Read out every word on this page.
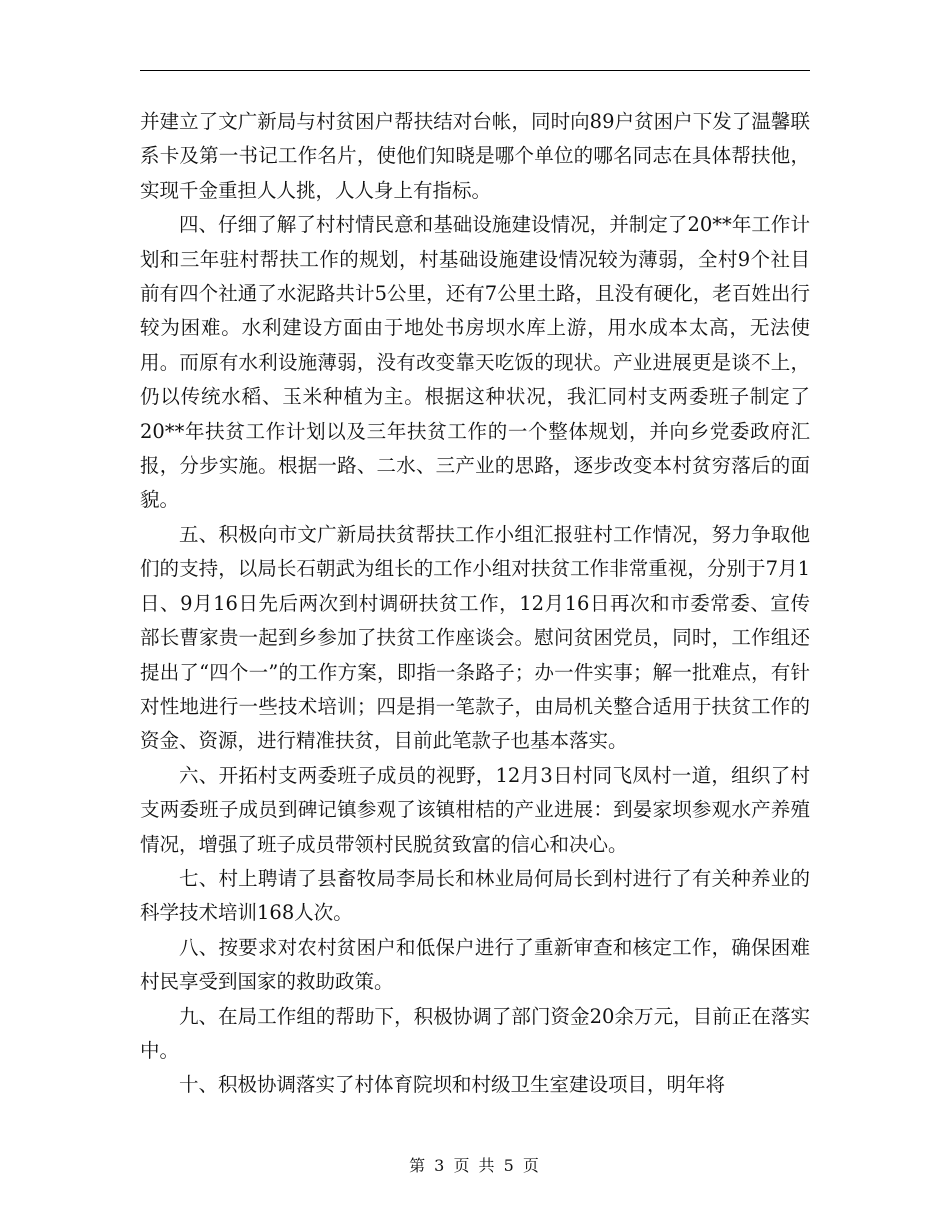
并建立了文广新局与村贫困户帮扶结对台帐，同时向89户贫困户下发了温馨联系卡及第一书记工作名片，使他们知晓是哪个单位的哪名同志在具体帮扶他，实现千金重担人人挑，人人身上有指标。

四、仔细了解了村村情民意和基础设施建设情况，并制定了20**年工作计划和三年驻村帮扶工作的规划，村基础设施建设情况较为薄弱，全村9个社目前有四个社通了水泥路共计5公里，还有7公里土路，且没有硬化，老百姓出行较为困难。水利建设方面由于地处书房坝水库上游，用水成本太高，无法使用。而原有水利设施薄弱，没有改变靠天吃饭的现状。产业进展更是谈不上，仍以传统水稻、玉米种植为主。根据这种状况，我汇同村支两委班子制定了20**年扶贫工作计划以及三年扶贫工作的一个整体规划，并向乡党委政府汇报，分步实施。根据一路、二水、三产业的思路，逐步改变本村贫穷落后的面貌。

五、积极向市文广新局扶贫帮扶工作小组汇报驻村工作情况，努力争取他们的支持，以局长石朝武为组长的工作小组对扶贫工作非常重视，分别于7月1日、9月16日先后两次到村调研扶贫工作，12月16日再次和市委常委、宣传部长曹家贵一起到乡参加了扶贫工作座谈会。慰问贫困党员，同时，工作组还提出了“四个一”的工作方案，即指一条路子；办一件实事；解一批难点，有针对性地进行一些技术培训；四是捐一笔款子，由局机关整合适用于扶贫工作的资金、资源，进行精准扶贫，目前此笔款子也基本落实。

六、开拓村支两委班子成员的视野，12月3日村同飞凤村一道，组织了村支两委班子成员到碑记镇参观了该镇柑桔的产业进展：到晏家坝参观水产养殖情况，增强了班子成员带领村民脱贫致富的信心和决心。

七、村上聘请了县畜牧局李局长和林业局何局长到村进行了有关种养业的科学技术培训168人次。

八、按要求对农村贫困户和低保户进行了重新审查和核定工作，确保困难村民享受到国家的救助政策。

九、在局工作组的帮助下，积极协调了部门资金20余万元，目前正在落实中。

十、积极协调落实了村体育院坝和村级卫生室建设项目，明年将

第 3 页 共 5 页
